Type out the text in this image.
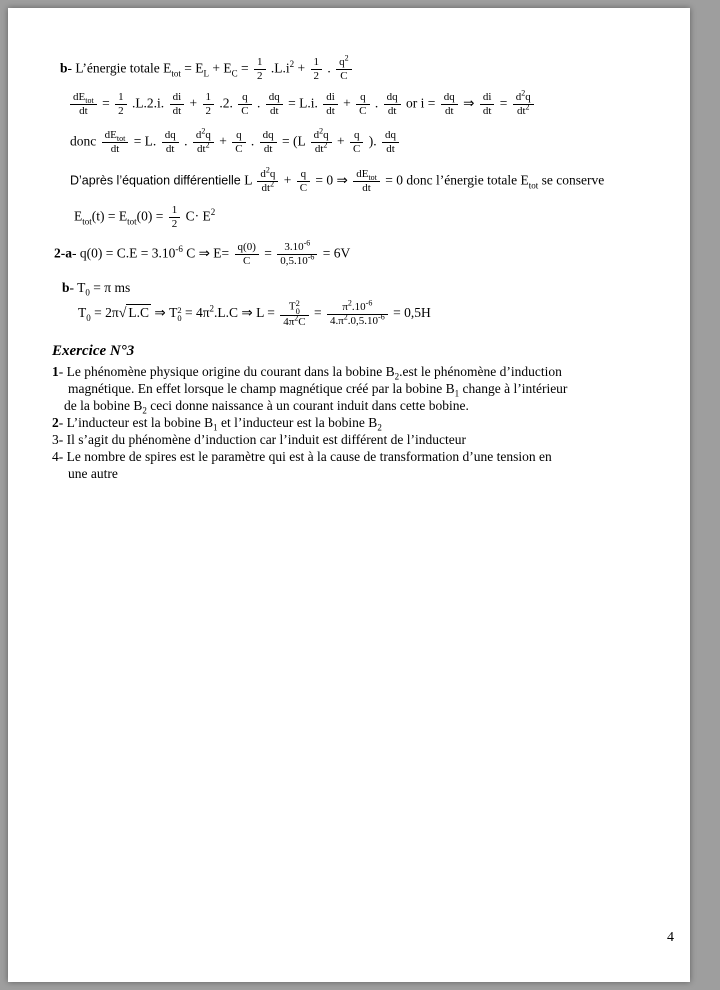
b- L’énergie totale $E_{tot} = E_L + E_C = \frac{1}{2} .L.i^2 + \frac{1}{2}$ . $\frac{q^2}{C}$
$\frac{dE_{tot}}{dt} = \frac{1}{2} .L.2.i$. $\frac{di}{dt} + \frac{1}{2} .2$. $\frac{q}{C}$ . $\frac{dq}{dt} = L.i$. $\frac{di}{dt} + \frac{q}{C}$ . $\frac{dq}{dt}$ or $i = \frac{dq}{dt}$ ⇒ $\frac{di}{dt} = \frac{d^2q}{dt^2}$
donc $\frac{dE_{tot}}{dt} = L$. $\frac{dq}{dt}$ . $\frac{d^2q}{dt^2} + \frac{q}{C}$ . $\frac{dq}{dt} = (L \frac{d^2q}{dt^2} + \frac{q}{C}$ ). $\frac{dq}{dt}$
D’après l’équation différentielle L $\frac{d^2q}{dt^2} + \frac{q}{C} = 0$ ⇒ $\frac{dE_{tot}}{dt} = 0$ donc l’énergie totale $E_{tot}$ se conserve
$E_{tot}(t) = E_{tot}(0) = \frac{1}{2} C\cdot E^2$
2-a- $q(0) = C.E = 3.10^{-6}$ C ⇒ $E= \frac{q(0)}{C} = \frac{3.10^{-6}}{0,5.10^{-6}} = 6V$
b- $T_0 = \pi$ ms
$T_0 = 2\pi√$ L.C ⇒ T 2
$0 = 4\pi^2.L.C$ ⇒ L = T 2
0
$4\pi^2C = \frac{\pi^2.10^{-6}}{4.\pi^2.0,5.10^{-6}} = 0,5H$
Exercice N°3
1- Le phénomène physique origine du courant dans la bobine $B_2.est$ le phénomène d’induction
magnétique. En effet lorsque le champ magnétique créé par la bobine $B_1$ change à l’intérieur
de la bobine $B_2$ ceci donne naissance à un courant induit dans cette bobine.
2- L’inducteur est la bobine $B_1$ et l’inducteur est la bobine $B_2$
3- Il s’agit du phénomène d’induction car l’induit est différent de l’inducteur
4- Le nombre de spires est le paramètre qui est à la cause de transformation d’une tension en
une autre
4
